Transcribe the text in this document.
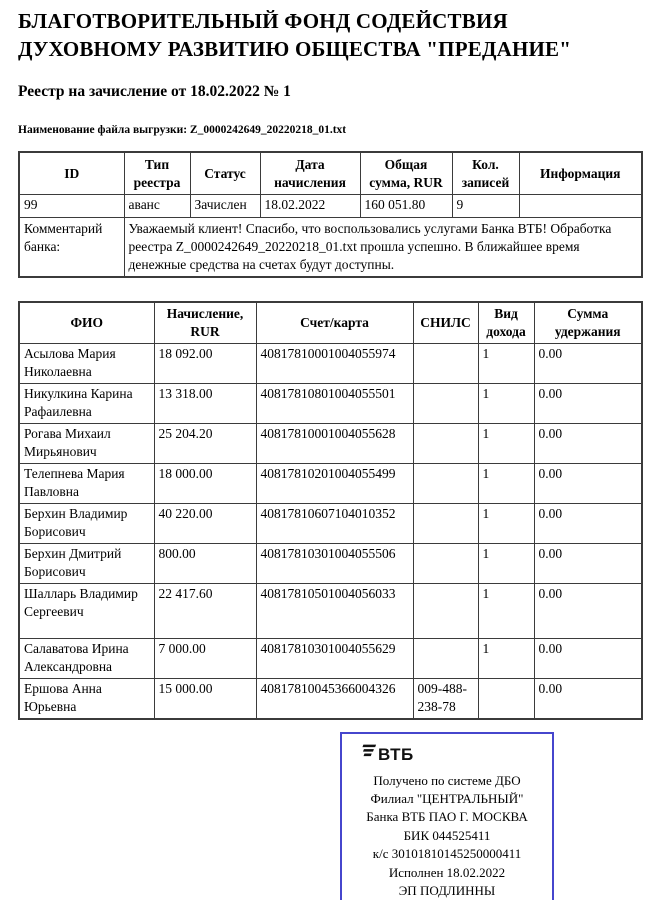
БЛАГОТВОРИТЕЛЬНЫЙ ФОНД СОДЕЙСТВИЯ
ДУХОВНОМУ РАЗВИТИЮ ОБЩЕСТВА "ПРЕДАНИЕ"
Реестр на зачисление от 18.02.2022 № 1
Наименование файла выгрузки: Z_0000242649_20220218_01.txt
ID	Тип реестра	Статус	Дата начисления	Общая сумма, RUR	Кол. записей	Информация
99	аванс	Зачислен	18.02.2022	160 051.80	9	
Комментарий банка:	Уважаемый клиент! Спасибо, что воспользовались услугами Банка ВТБ! Обработка реестра Z_0000242649_20220218_01.txt прошла успешно. В ближайшее время денежные средства на счетах будут доступны.					
ФИО	Начисление, RUR	Счет/карта	СНИЛС	Вид дохода	Сумма удержания
Асылова Мария Николаевна	18 092.00	40817810001004055974		1	0.00
Никулкина Карина Рафаилевна	13 318.00	40817810801004055501		1	0.00
Рогава Михаил Мирьянович	25 204.20	40817810001004055628		1	0.00
Телепнева Мария Павловна	18 000.00	40817810201004055499		1	0.00
Берхин Владимир Борисович	40 220.00	40817810607104010352		1	0.00
Берхин Дмитрий Борисович	800.00	40817810301004055506		1	0.00
Шалларь Владимир Сергеевич	22 417.60	40817810501004056033		1	0.00
Салаватова Ирина Александровна	7 000.00	40817810301004055629		1	0.00
Ершова Анна Юрьевна	15 000.00	40817810045366004326	009-488-238-78		0.00
ВТБ
Получено по системе ДБО
Филиал "ЦЕНТРАЛЬНЫЙ"
Банка ВТБ ПАО Г. МОСКВА
БИК 044525411
к/с 30101810145250000411
Исполнен 18.02.2022
ЭП ПОДЛИННЫ
